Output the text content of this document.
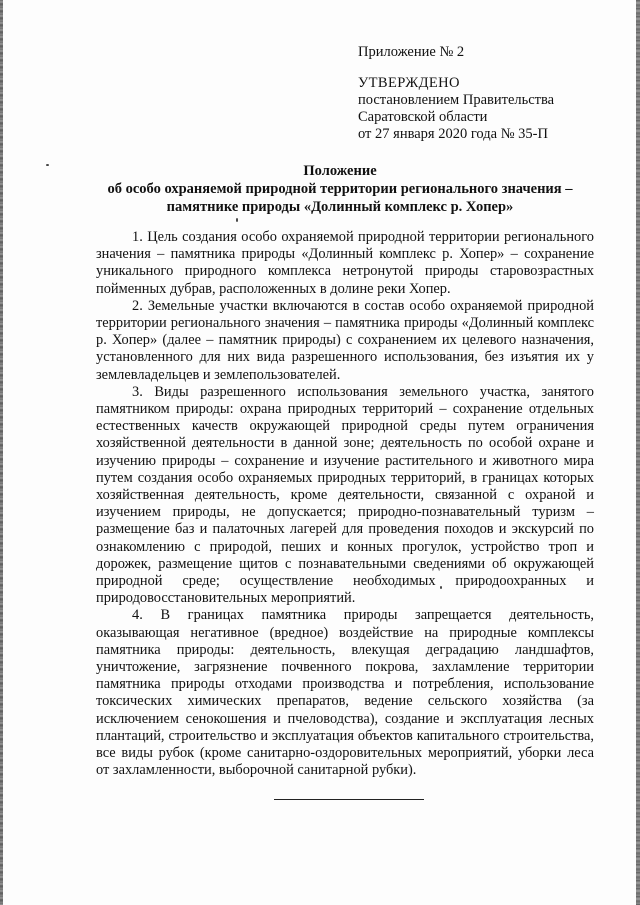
Приложение № 2
УТВЕРЖДЕНО
постановлением Правительства
Саратовской области
от 27 января 2020 года № 35-П
Положение
об особо охраняемой природной территории регионального значения –
памятнике природы «Долинный комплекс р. Хопер»

1. Цель создания особо охраняемой природной территории регионального значения – памятника природы «Долинный комплекс р. Хопер» – сохранение уникального природного комплекса нетронутой природы старовозрастных пойменных дубрав, расположенных в долине реки Хопер.

2. Земельные участки включаются в состав особо охраняемой природной территории регионального значения – памятника природы «Долинный комплекс р. Хопер» (далее – памятник природы) с сохранением их целевого назначения, установленного для них вида разрешенного использования, без изъятия их у землевладельцев и землепользователей.

3. Виды разрешенного использования земельного участка, занятого памятником природы: охрана природных территорий – сохранение отдельных естественных качеств окружающей природной среды путем ограничения хозяйственной деятельности в данной зоне; деятельность по особой охране и изучению природы – сохранение и изучение растительного и животного мира путем создания особо охраняемых природных территорий, в границах которых хозяйственная деятельность, кроме деятельности, связанной с охраной и изучением природы, не допускается; природно-познавательный туризм – размещение баз и палаточных лагерей для проведения походов и экскурсий по ознакомлению с природой, пеших и конных прогулок, устройство троп и дорожек, размещение щитов с познавательными сведениями об окружающей природной среде; осуществление необходимых природоохранных и природовосстановительных мероприятий.

4. В границах памятника природы запрещается деятельность, оказывающая негативное (вредное) воздействие на природные комплексы памятника природы: деятельность, влекущая деградацию ландшафтов, уничтожение, загрязнение почвенного покрова, захламление территории памятника природы отходами производства и потребления, использование токсических химических препаратов, ведение сельского хозяйства (за исключением сенокошения и пчеловодства), создание и эксплуатация лесных плантаций, строительство и эксплуатация объектов капитального строительства, все виды рубок (кроме санитарно-оздоровительных мероприятий, уборки леса от захламленности, выборочной санитарной рубки).
